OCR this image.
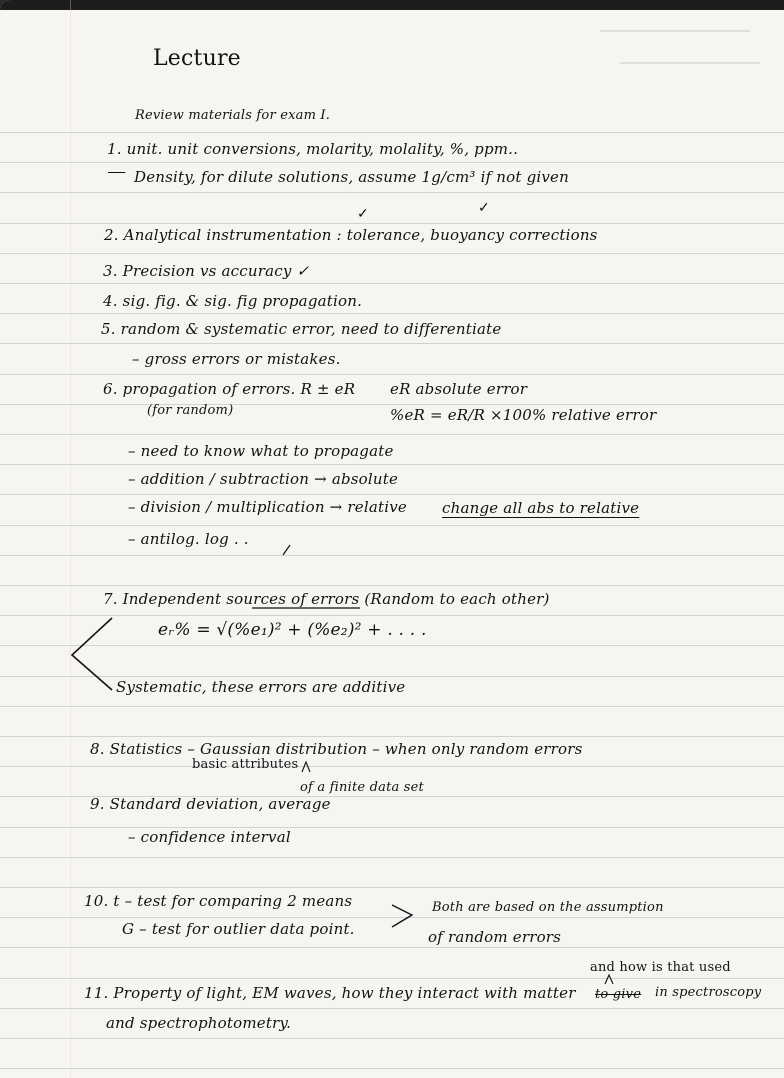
Lecture
Review materials for exam I.
1. unit. unit conversions, molarity, molality, %, ppm..

Density, for dilute solutions, assume 1g/cm³ if not given
✓	✓
2. Analytical instrumentation : tolerance, buoyancy corrections
3. Precision vs accuracy ✓
4. sig. fig. & sig. fig propagation.
5. random & systematic error, need to differentiate
– gross errors or mistakes.
6. propagation of errors. R ± eR eR absolute error
(for random)	%eR = eR/R ×100% relative error
– need to know what to propagate
– addition / subtraction → absolute
– division / multiplication → relative change all abs to relative
– antilog. log . .
7. Independent sources of errors (Random to each other)
eᵣ% = √(%e₁)² + (%e₂)² + . . . .
Systematic, these errors are additive
8. Statistics – Gaussian distribution – when only random errors
basic attributes
of a finite data set
9. Standard deviation, average
– confidence interval
10. t – test for comparing 2 means
G – test for outlier data point.
Both are based on the assumption
of random errors
and how is that used
11. Property of light, EM waves, how they interact with matter to give in spectroscopy
and spectrophotometry.
